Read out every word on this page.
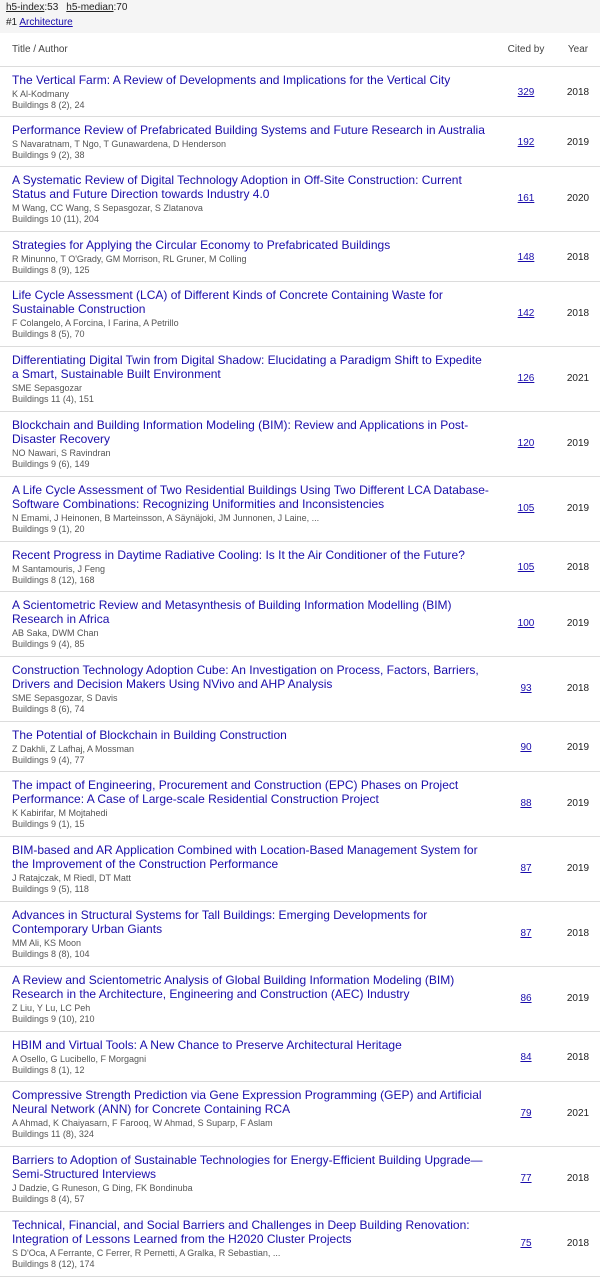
h5-index:53 h5-median:70
#1 Architecture
Title / Author	Cited by	Year
The Vertical Farm: A Review of Developments and Implications for the Vertical City
K Al-Kodmany
Buildings 8 (2), 24
329	2018
Performance Review of Prefabricated Building Systems and Future Research in Australia
S Navaratnam, T Ngo, T Gunawardena, D Henderson
Buildings 9 (2), 38
192	2019
A Systematic Review of Digital Technology Adoption in Off-Site Construction: Current Status and Future Direction towards Industry 4.0
M Wang, CC Wang, S Sepasgozar, S Zlatanova
Buildings 10 (11), 204
161	2020
Strategies for Applying the Circular Economy to Prefabricated Buildings
R Minunno, T O'Grady, GM Morrison, RL Gruner, M Colling
Buildings 8 (9), 125
148	2018
Life Cycle Assessment (LCA) of Different Kinds of Concrete Containing Waste for Sustainable Construction
F Colangelo, A Forcina, I Farina, A Petrillo
Buildings 8 (5), 70
142	2018
Differentiating Digital Twin from Digital Shadow: Elucidating a Paradigm Shift to Expedite a Smart, Sustainable Built Environment
SME Sepasgozar
Buildings 11 (4), 151
126	2021
Blockchain and Building Information Modeling (BIM): Review and Applications in Post-Disaster Recovery
NO Nawari, S Ravindran
Buildings 9 (6), 149
120	2019
A Life Cycle Assessment of Two Residential Buildings Using Two Different LCA Database-Software Combinations: Recognizing Uniformities and Inconsistencies
N Emami, J Heinonen, B Marteinsson, A Säynäjoki, JM Junnonen, J Laine, ...
Buildings 9 (1), 20
105	2019
Recent Progress in Daytime Radiative Cooling: Is It the Air Conditioner of the Future?
M Santamouris, J Feng
Buildings 8 (12), 168
105	2018
A Scientometric Review and Metasynthesis of Building Information Modelling (BIM) Research in Africa
AB Saka, DWM Chan
Buildings 9 (4), 85
100	2019
Construction Technology Adoption Cube: An Investigation on Process, Factors, Barriers, Drivers and Decision Makers Using NVivo and AHP Analysis
SME Sepasgozar, S Davis
Buildings 8 (6), 74
93	2018
The Potential of Blockchain in Building Construction
Z Dakhli, Z Lafhaj, A Mossman
Buildings 9 (4), 77
90	2019
The impact of Engineering, Procurement and Construction (EPC) Phases on Project Performance: A Case of Large-scale Residential Construction Project
K Kabirifar, M Mojtahedi
Buildings 9 (1), 15
88	2019
BIM-based and AR Application Combined with Location-Based Management System for the Improvement of the Construction Performance
J Ratajczak, M Riedl, DT Matt
Buildings 9 (5), 118
87	2019
Advances in Structural Systems for Tall Buildings: Emerging Developments for Contemporary Urban Giants
MM Ali, KS Moon
Buildings 8 (8), 104
87	2018
A Review and Scientometric Analysis of Global Building Information Modeling (BIM) Research in the Architecture, Engineering and Construction (AEC) Industry
Z Liu, Y Lu, LC Peh
Buildings 9 (10), 210
86	2019
HBIM and Virtual Tools: A New Chance to Preserve Architectural Heritage
A Osello, G Lucibello, F Morgagni
Buildings 8 (1), 12
84	2018
Compressive Strength Prediction via Gene Expression Programming (GEP) and Artificial Neural Network (ANN) for Concrete Containing RCA
A Ahmad, K Chaiyasarn, F Farooq, W Ahmad, S Suparp, F Aslam
Buildings 11 (8), 324
79	2021
Barriers to Adoption of Sustainable Technologies for Energy-Efficient Building Upgrade—Semi-Structured Interviews
J Dadzie, G Runeson, G Ding, FK Bondinuba
Buildings 8 (4), 57
77	2018
Technical, Financial, and Social Barriers and Challenges in Deep Building Renovation: Integration of Lessons Learned from the H2020 Cluster Projects
S D'Oca, A Ferrante, C Ferrer, R Pernetti, A Gralka, R Sebastian, ...
Buildings 8 (12), 174
75	2018
